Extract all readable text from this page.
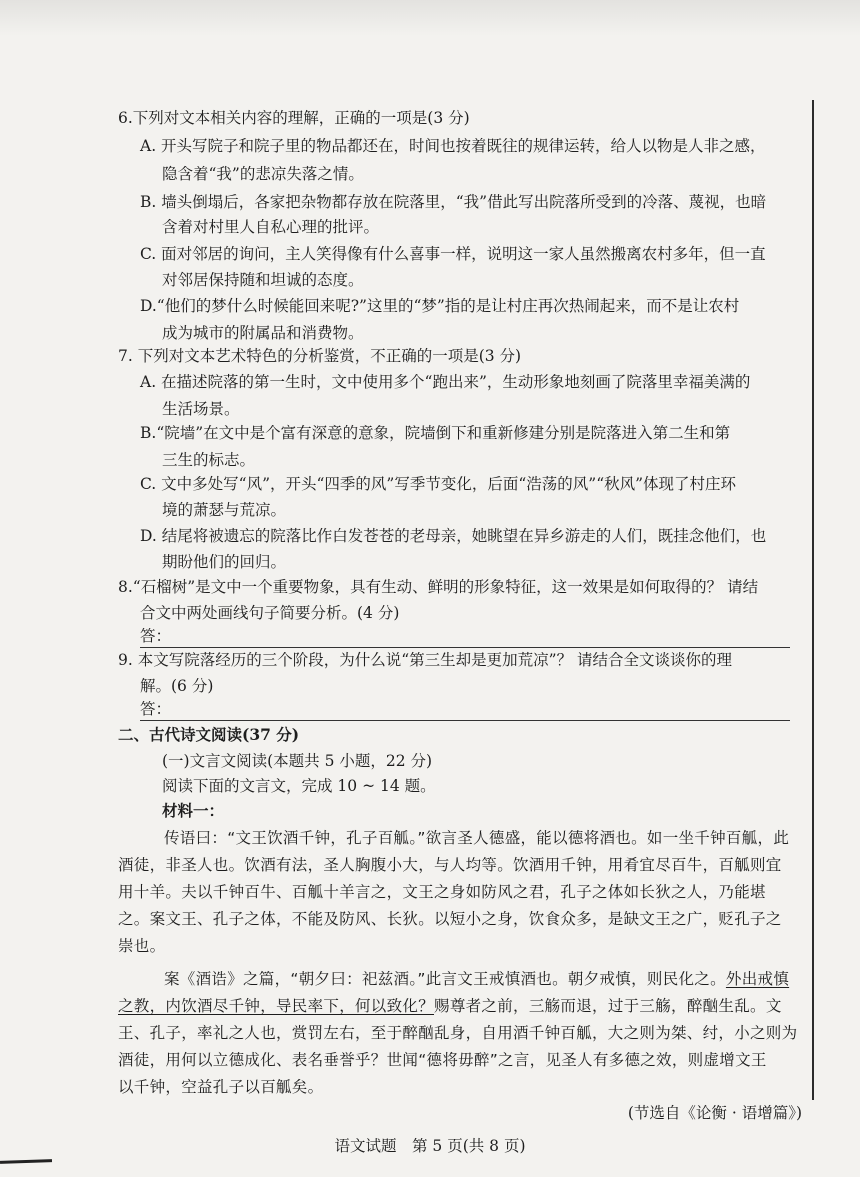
6.下列对文本相关内容的理解，正确的一项是(3 分)
A. 开头写院子和院子里的物品都还在，时间也按着既往的规律运转，给人以物是人非之感，
隐含着“我”的悲凉失落之情。
B. 墙头倒塌后，各家把杂物都存放在院落里，“我”借此写出院落所受到的冷落、蔑视，也暗
含着对村里人自私心理的批评。
C. 面对邻居的询问，主人笑得像有什么喜事一样，说明这一家人虽然搬离农村多年，但一直
对邻居保持随和坦诚的态度。
D.“他们的梦什么时候能回来呢?”这里的“梦”指的是让村庄再次热闹起来，而不是让农村
成为城市的附属品和消费物。
7. 下列对文本艺术特色的分析鉴赏，不正确的一项是(3 分)
A. 在描述院落的第一生时，文中使用多个“跑出来”，生动形象地刻画了院落里幸福美满的
生活场景。
B.“院墙”在文中是个富有深意的意象，院墙倒下和重新修建分别是院落进入第二生和第
三生的标志。
C. 文中多处写“风”，开头“四季的风”写季节变化，后面“浩荡的风”“秋风”体现了村庄环
境的萧瑟与荒凉。
D. 结尾将被遗忘的院落比作白发苍苍的老母亲，她眺望在异乡游走的人们，既挂念他们，也
期盼他们的回归。
8.“石榴树”是文中一个重要物象，具有生动、鲜明的形象特征，这一效果是如何取得的？ 请结
合文中两处画线句子简要分析。(4 分)
答：
9. 本文写院落经历的三个阶段，为什么说“第三生却是更加荒凉”？ 请结合全文谈谈你的理
解。(6 分)
答：
二、古代诗文阅读(37 分)
(一)文言文阅读(本题共 5 小题，22 分)
阅读下面的文言文，完成 10 ~ 14 题。
材料一：
传语曰：“文王饮酒千钟，孔子百觚。”欲言圣人德盛，能以德将酒也。如一坐千钟百觚，此
酒徒，非圣人也。饮酒有法，圣人胸腹小大，与人均等。饮酒用千钟，用肴宜尽百牛，百觚则宜
用十羊。夫以千钟百牛、百觚十羊言之，文王之身如防风之君，孔子之体如长狄之人，乃能堪
之。案文王、孔子之体，不能及防风、长狄。以短小之身，饮食众多，是缺文王之广，贬孔子之
崇也。
案《酒诰》之篇，“朝夕曰：祀兹酒。”此言文王戒慎酒也。朝夕戒慎，则民化之。外出戒慎
之教，内饮酒尽千钟，导民率下，何以致化？赐尊者之前，三觞而退，过于三觞，醉酗生乱。文
王、孔子，率礼之人也，赏罚左右，至于醉酗乱身，自用酒千钟百觚，大之则为桀、纣，小之则为
酒徒，用何以立德成化、表名垂誉乎？世闻“德将毋醉”之言，见圣人有多德之效，则虚增文王
以千钟，空益孔子以百觚矣。
(节选自《论衡 · 语增篇》)
语文试题　第 5 页(共 8 页)
